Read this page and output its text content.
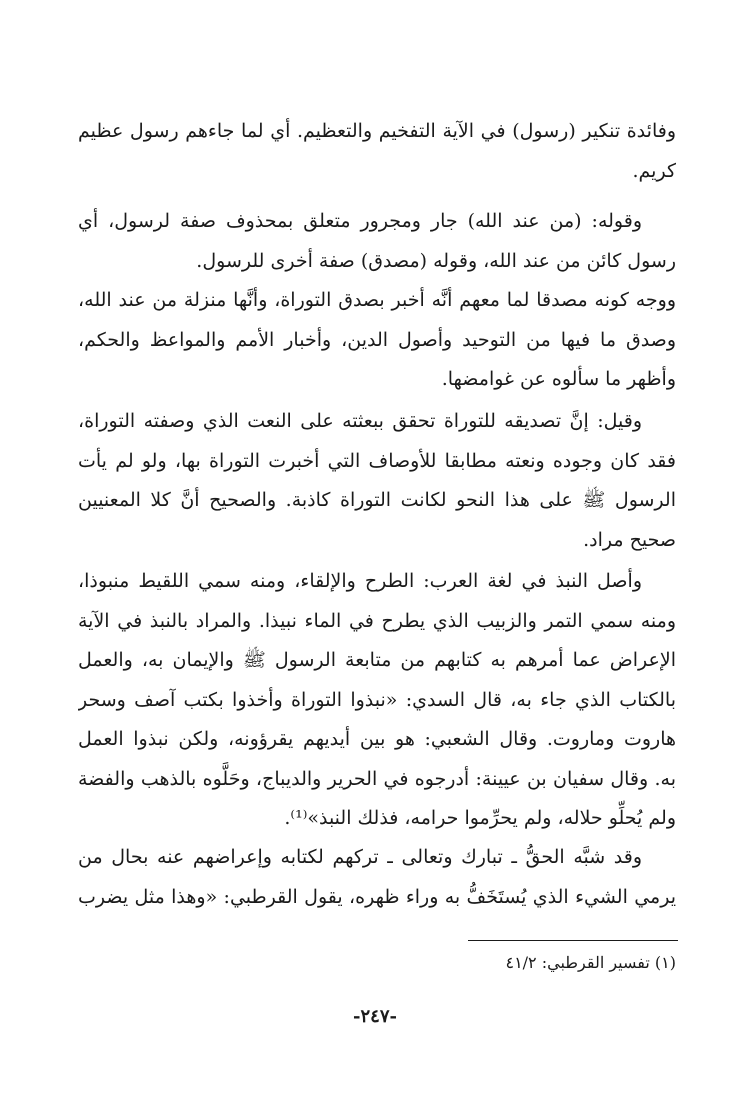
وفائدة تنكير (رسول) في الآية التفخيم والتعظيم. أي لما جاءهم رسول عظيم
كريم.
وقوله: (من عند الله) جار ومجرور متعلق بمحذوف صفة لرسول، أي
رسول كائن من عند الله، وقوله (مصدق) صفة أخرى للرسول.
ووجه كونه مصدقا لما معهم أنَّه أخبر بصدق التوراة، وأنَّها منزلة من عند الله،
وصدق ما فيها من التوحيد وأصول الدين، وأخبار الأمم والمواعظ والحكم،
وأظهر ما سألوه عن غوامضها.
وقيل: إنَّ تصديقه للتوراة تحقق ببعثته على النعت الذي وصفته التوراة،
فقد كان وجوده ونعته مطابقا للأوصاف التي أخبرت التوراة بها، ولو لم يأت
الرسول ﷺ على هذا النحو لكانت التوراة كاذبة. والصحيح أنَّ كلا المعنيين
صحيح مراد.
وأصل النبذ في لغة العرب: الطرح والإلقاء، ومنه سمي اللقيط منبوذا،
ومنه سمي التمر والزبيب الذي يطرح في الماء نبيذا. والمراد بالنبذ في الآية
الإعراض عما أمرهم به كتابهم من متابعة الرسول ﷺ والإيمان به، والعمل
بالكتاب الذي جاء به، قال السدي: «نبذوا التوراة وأخذوا بكتب آصف وسحر
هاروت وماروت. وقال الشعبي: هو بين أيديهم يقرؤونه، ولكن نبذوا العمل
به. وقال سفيان بن عيينة: أدرجوه في الحرير والديباج، وحَلَّوه بالذهب والفضة
ولم يُحلِّو حلاله، ولم يحرِّموا حرامه، فذلك النبذ»⁽¹⁾.
وقد شبَّه الحقُّ ـ تبارك وتعالى ـ تركهم لكتابه وإعراضهم عنه بحال من
يرمي الشيء الذي يُستَخَفُّ به وراء ظهره، يقول القرطبي: «وهذا مثل يضرب
(١) تفسير القرطبي: ٤١/٢
-٢٤٧-
